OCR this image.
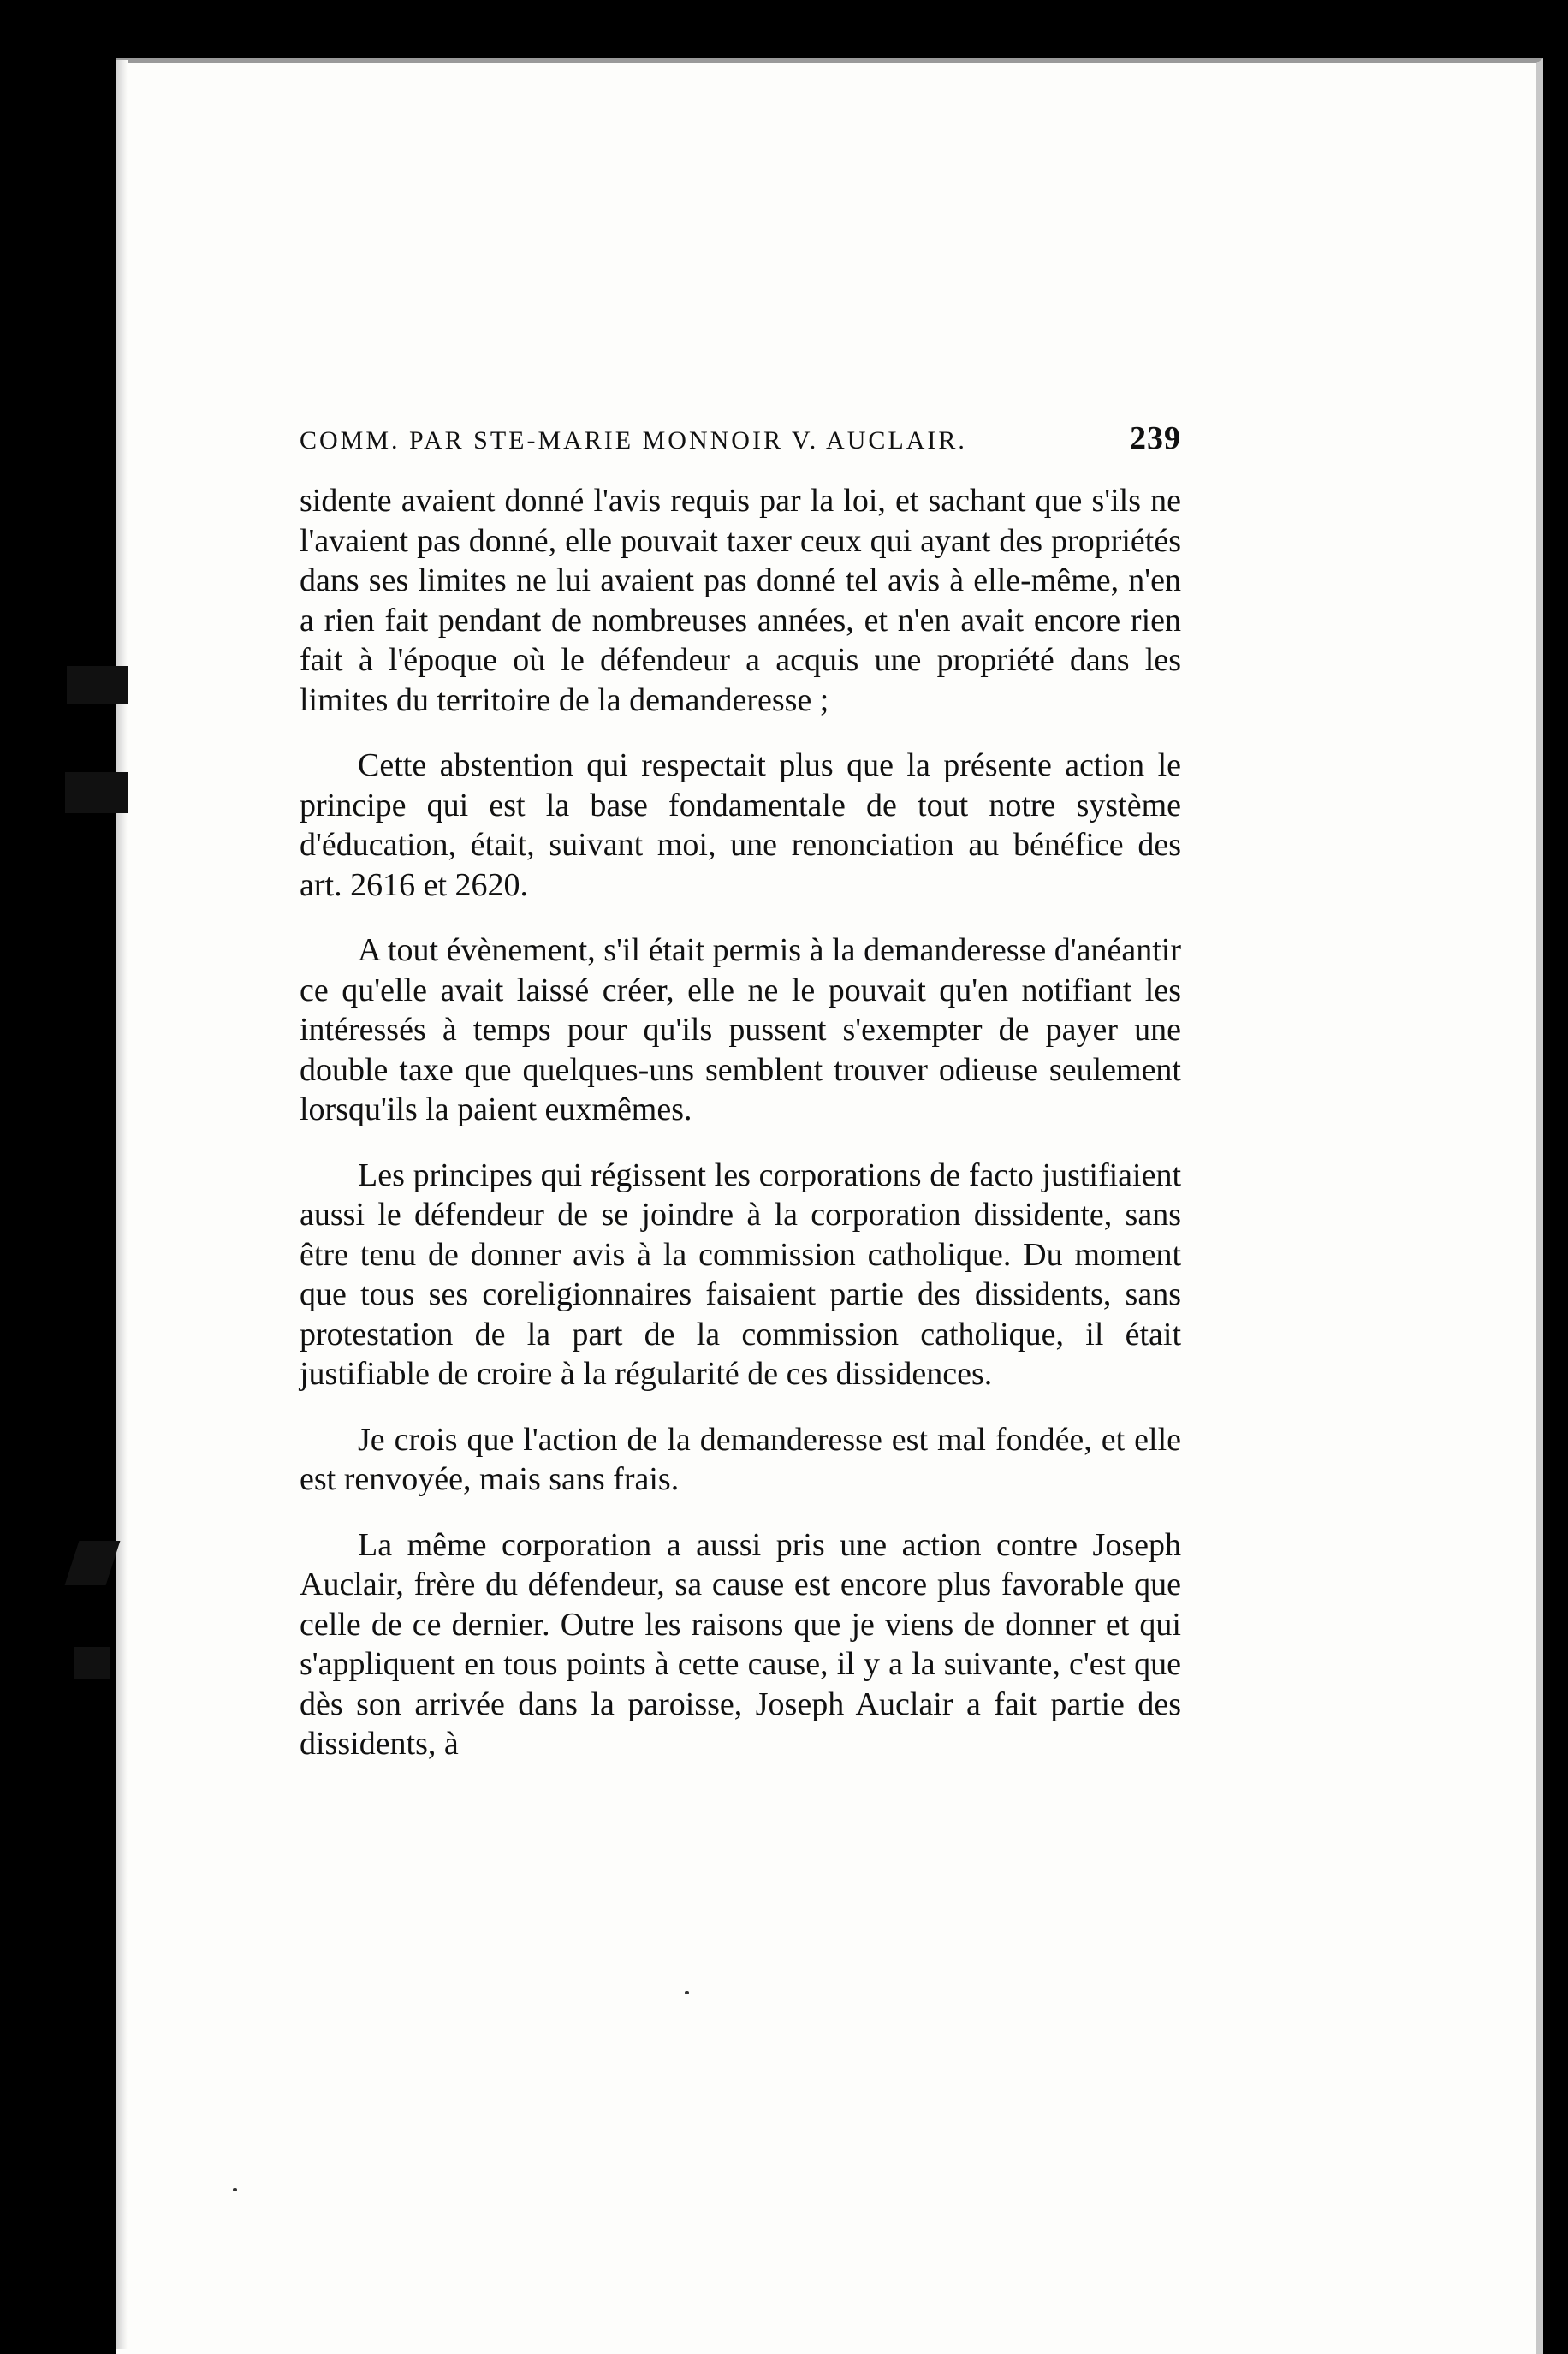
COMM. PAR STE-MARIE MONNOIR V. AUCLAIR.	239

sidente avaient donné l'avis requis par la loi, et sachant que s'ils ne l'avaient pas donné, elle pouvait taxer ceux qui ayant des propriétés dans ses limites ne lui avaient pas donné tel avis à elle-même, n'en a rien fait pendant de nombreuses années, et n'en avait encore rien fait à l'époque où le défendeur a acquis une propriété dans les limites du territoire de la demanderesse ;

Cette abstention qui respectait plus que la présente action le principe qui est la base fondamentale de tout notre système d'éducation, était, suivant moi, une renonciation au bénéfice des art. 2616 et 2620.

A tout évènement, s'il était permis à la demanderesse d'anéantir ce qu'elle avait laissé créer, elle ne le pouvait qu'en notifiant les intéressés à temps pour qu'ils pussent s'exempter de payer une double taxe que quelques-uns semblent trouver odieuse seulement lorsqu'ils la paient euxmêmes.

Les principes qui régissent les corporations de facto justifiaient aussi le défendeur de se joindre à la corporation dissidente, sans être tenu de donner avis à la commission catholique. Du moment que tous ses coreligionnaires faisaient partie des dissidents, sans protestation de la part de la commission catholique, il était justifiable de croire à la régularité de ces dissidences.

Je crois que l'action de la demanderesse est mal fondée, et elle est renvoyée, mais sans frais.

La même corporation a aussi pris une action contre Joseph Auclair, frère du défendeur, sa cause est encore plus favorable que celle de ce dernier. Outre les raisons que je viens de donner et qui s'appliquent en tous points à cette cause, il y a la suivante, c'est que dès son arrivée dans la paroisse, Joseph Auclair a fait partie des dissidents, à
